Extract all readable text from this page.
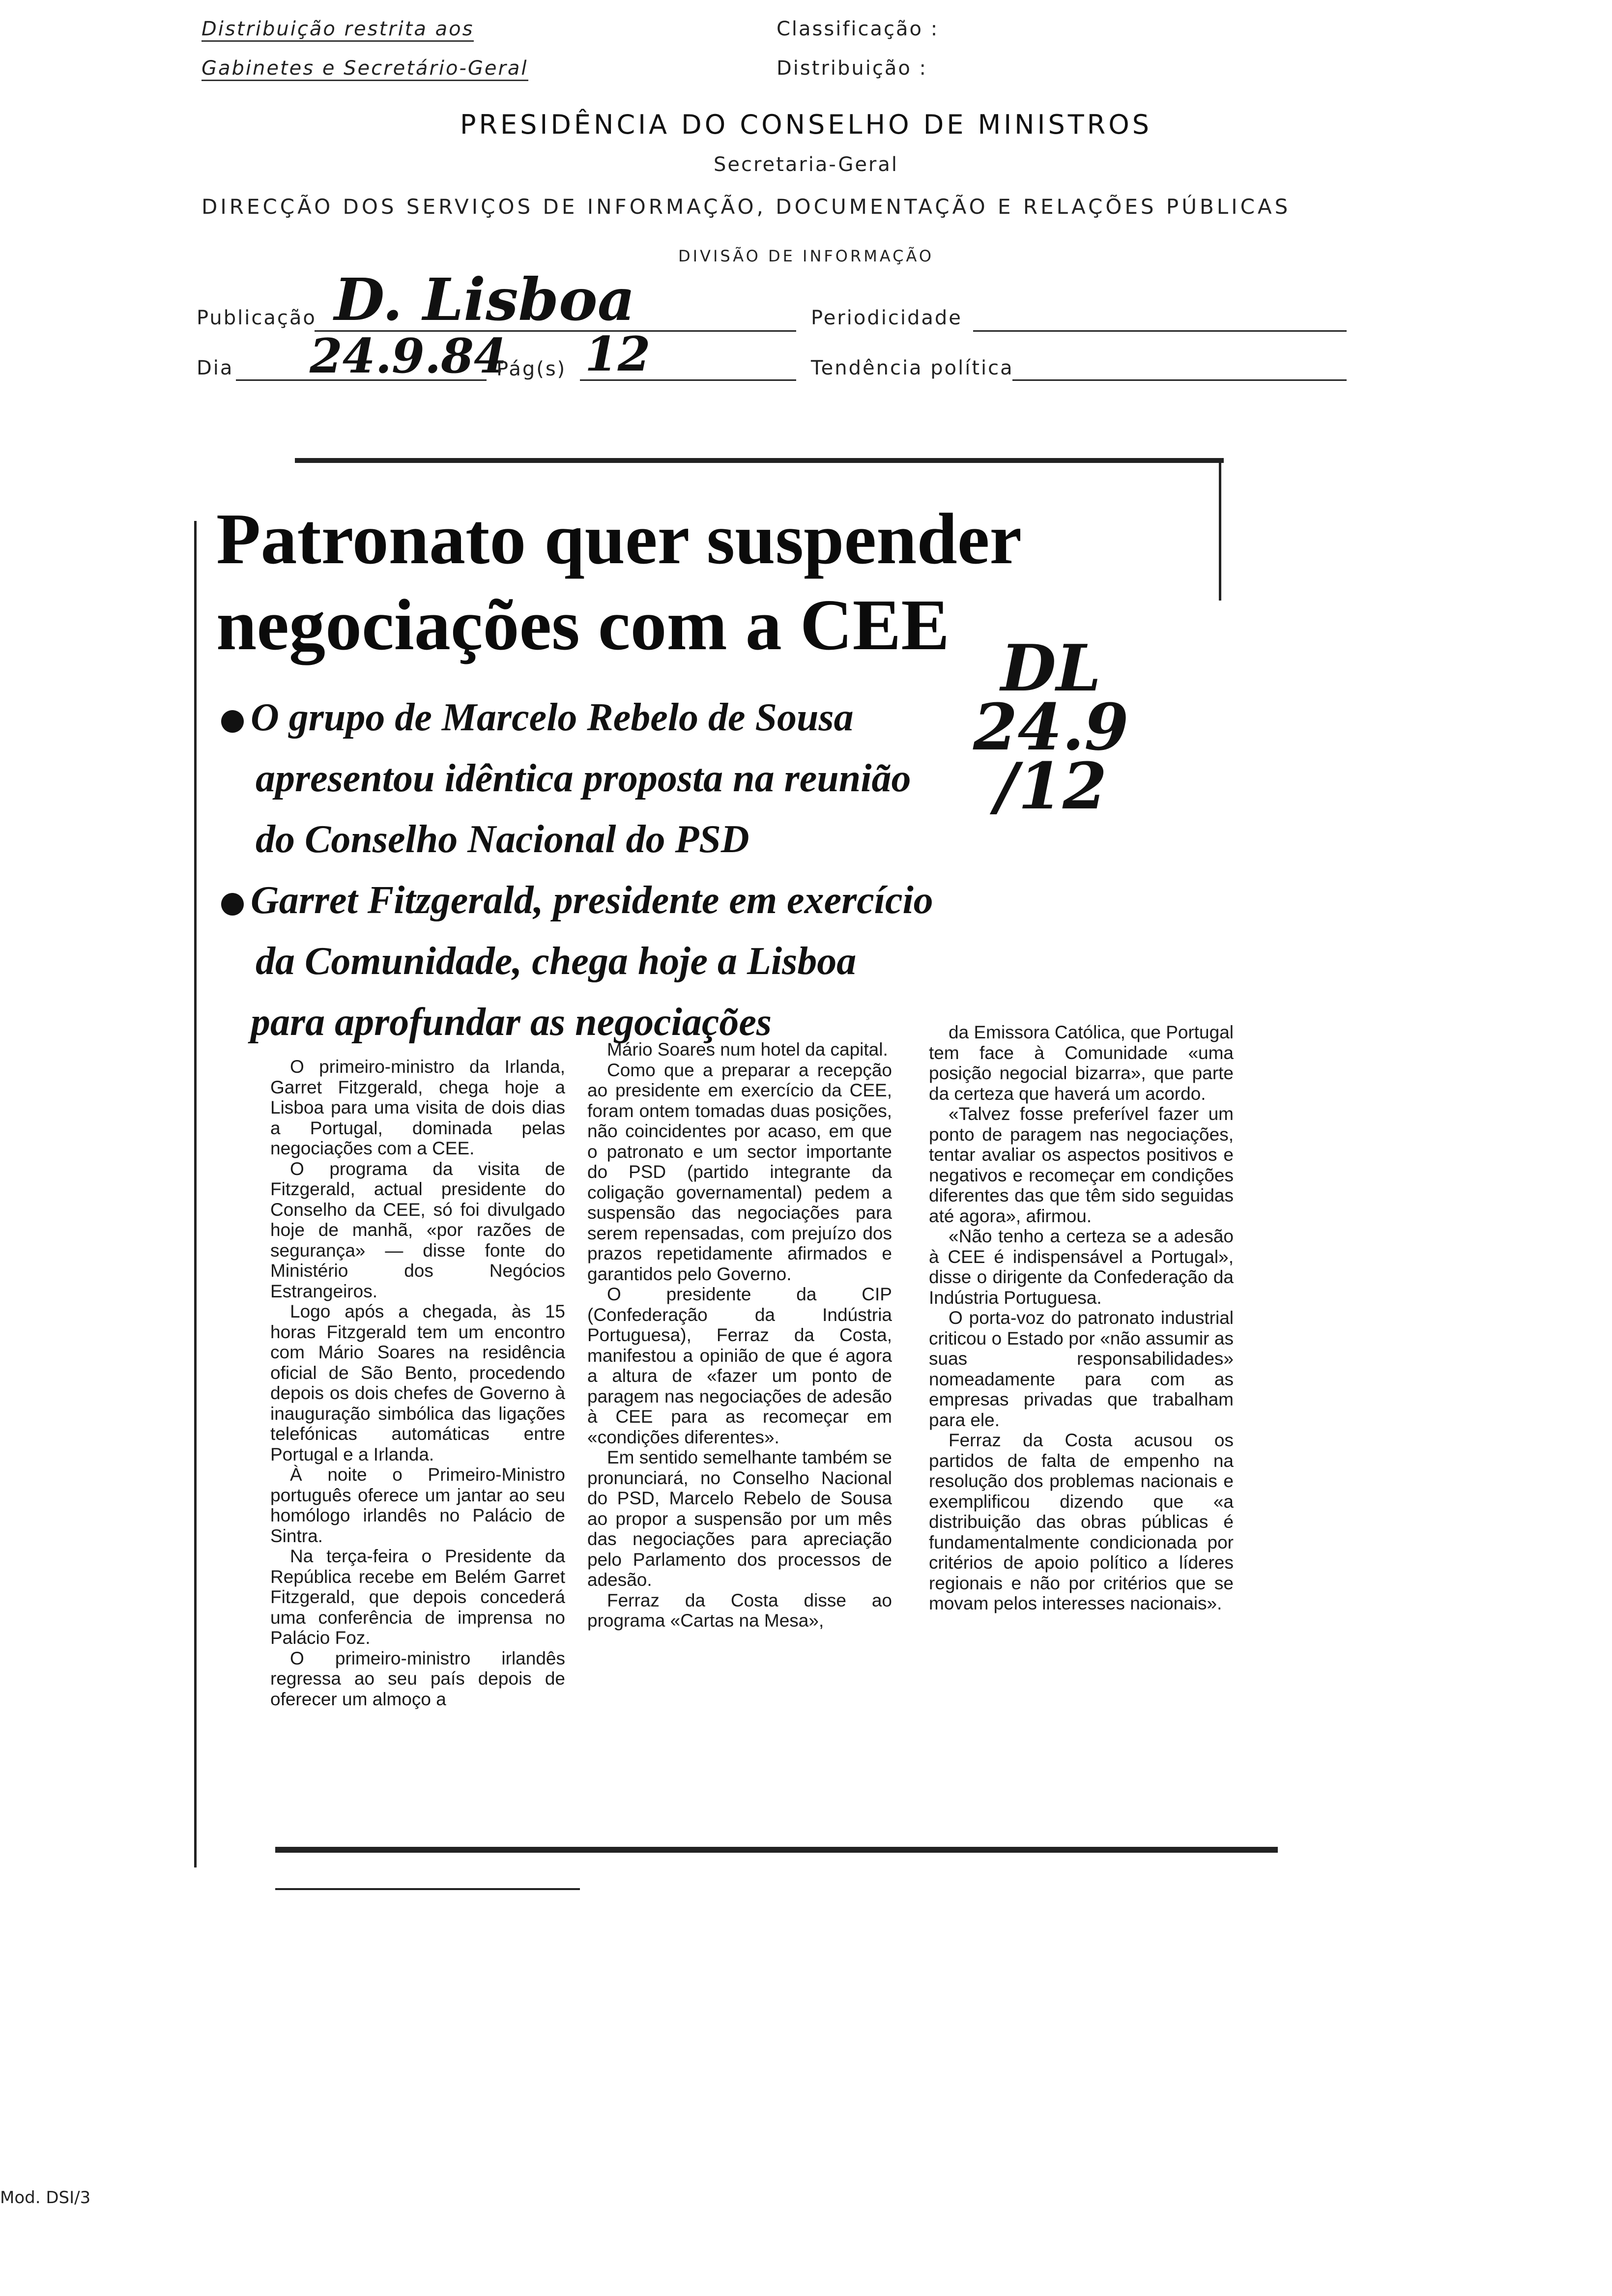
Distribuição restrita aos
Gabinetes e Secretário-Geral
Classificação :
Distribuição :
PRESIDÊNCIA DO CONSELHO DE MINISTROS
Secretaria-Geral
DIRECÇÃO DOS SERVIÇOS DE INFORMAÇÃO, DOCUMENTAÇÃO E RELAÇÕES PÚBLICAS
DIVISÃO DE INFORMAÇÃO
Publicação D. Lisboa	Periodicidade
Dia 24.9.84
Pág(s) 12	Tendência política
Patronato quer suspender
negociações com a CEE
DL
24.9
/12
O grupo de Marcelo Rebelo de Sousa
apresentou idêntica proposta na reunião
do Conselho Nacional do PSD
Garret Fitzgerald, presidente em exercício
da Comunidade, chega hoje a Lisboa
para aprofundar as negociações

O primeiro-ministro da Irlanda, Garret Fitzgerald, chega hoje a Lisboa para uma visita de dois dias a Portugal, dominada pelas negociações com a CEE.

O programa da visita de Fitzgerald, actual presidente do Conselho da CEE, só foi divulgado hoje de manhã, «por razões de segurança» — disse fonte do Ministério dos Negócios Estrangeiros.

Logo após a chegada, às 15 horas Fitzgerald tem um encontro com Mário Soares na residência oficial de São Bento, procedendo depois os dois chefes de Governo à inauguração simbólica das ligações telefónicas automáticas entre Portugal e a Irlanda.

À noite o Primeiro-Ministro português oferece um jantar ao seu homólogo irlandês no Palácio de Sintra.

Na terça-feira o Presidente da República recebe em Belém Garret Fitzgerald, que depois concederá uma conferência de imprensa no Palácio Foz.

O primeiro-ministro irlandês regressa ao seu país depois de oferecer um almoço a

Mário Soares num hotel da capital.

Como que a preparar a recepção ao presidente em exercício da CEE, foram ontem tomadas duas posições, não coincidentes por acaso, em que o patronato e um sector importante do PSD (partido integrante da coligação governamental) pedem a suspensão das negociações para serem repensadas, com prejuízo dos prazos repetidamente afirmados e garantidos pelo Governo.

O presidente da CIP (Confederação da Indústria Portuguesa), Ferraz da Costa, manifestou a opinião de que é agora a altura de «fazer um ponto de paragem nas negociações de adesão à CEE para as recomeçar em «condições diferentes».

Em sentido semelhante também se pronunciará, no Conselho Nacional do PSD, Marcelo Rebelo de Sousa ao propor a suspensão por um mês das negociações para apreciação pelo Parlamento dos processos de adesão.

Ferraz da Costa disse ao programa «Cartas na Mesa»,

da Emissora Católica, que Portugal tem face à Comunidade «uma posição negocial bizarra», que parte da certeza que haverá um acordo.

«Talvez fosse preferível fazer um ponto de paragem nas negociações, tentar avaliar os aspectos positivos e negativos e recomeçar em condições diferentes das que têm sido seguidas até agora», afirmou.

«Não tenho a certeza se a adesão à CEE é indispensável a Portugal», disse o dirigente da Confederação da Indústria Portuguesa.

O porta-voz do patronato industrial criticou o Estado por «não assumir as suas responsabilidades» nomeadamente para com as empresas privadas que trabalham para ele.

Ferraz da Costa acusou os partidos de falta de empenho na resolução dos problemas nacionais e exemplificou dizendo que «a distribuição das obras públicas é fundamentalmente condicionada por critérios de apoio político a líderes regionais e não por critérios que se movam pelos interesses nacionais».

Mod. DSI/3
